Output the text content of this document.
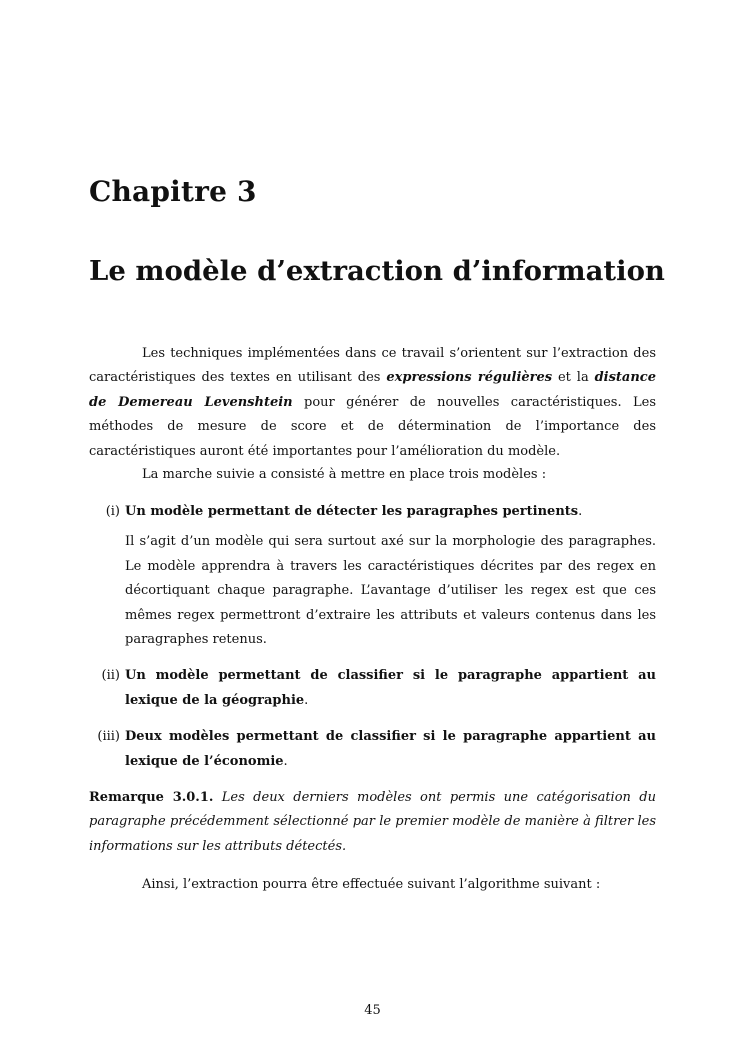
Chapitre 3
Le modèle d’extraction d’information

Les techniques implémentées dans ce travail s’orientent sur l’extraction des caractéristiques des textes en utilisant des expressions régulières et la distance de Demereau Levenshtein pour générer de nouvelles caractéristiques. Les méthodes de mesure de score et de détermination de l’importance des caractéristiques auront été importantes pour l’amélioration du modèle.

La marche suivie a consisté à mettre en place trois modèles :

(i) Un modèle permettant de détecter les paragraphes pertinents.
Il s’agit d’un modèle qui sera surtout axé sur la morphologie des paragraphes. Le modèle apprendra à travers les caractéristiques décrites par des regex en décortiquant chaque paragraphe. L’avantage d’utiliser les regex est que ces mêmes regex permettront d’extraire les attributs et valeurs contenus dans les paragraphes retenus.
(ii) Un modèle permettant de classifier si le paragraphe appartient au lexique de la géographie.
(iii) Deux modèles permettant de classifier si le paragraphe appartient au lexique de l’économie.

Remarque 3.0.1. Les deux derniers modèles ont permis une catégorisation du paragraphe précédemment sélectionné par le premier modèle de manière à filtrer les informations sur les attributs détectés.

Ainsi, l’extraction pourra être effectuée suivant l’algorithme suivant :

45
